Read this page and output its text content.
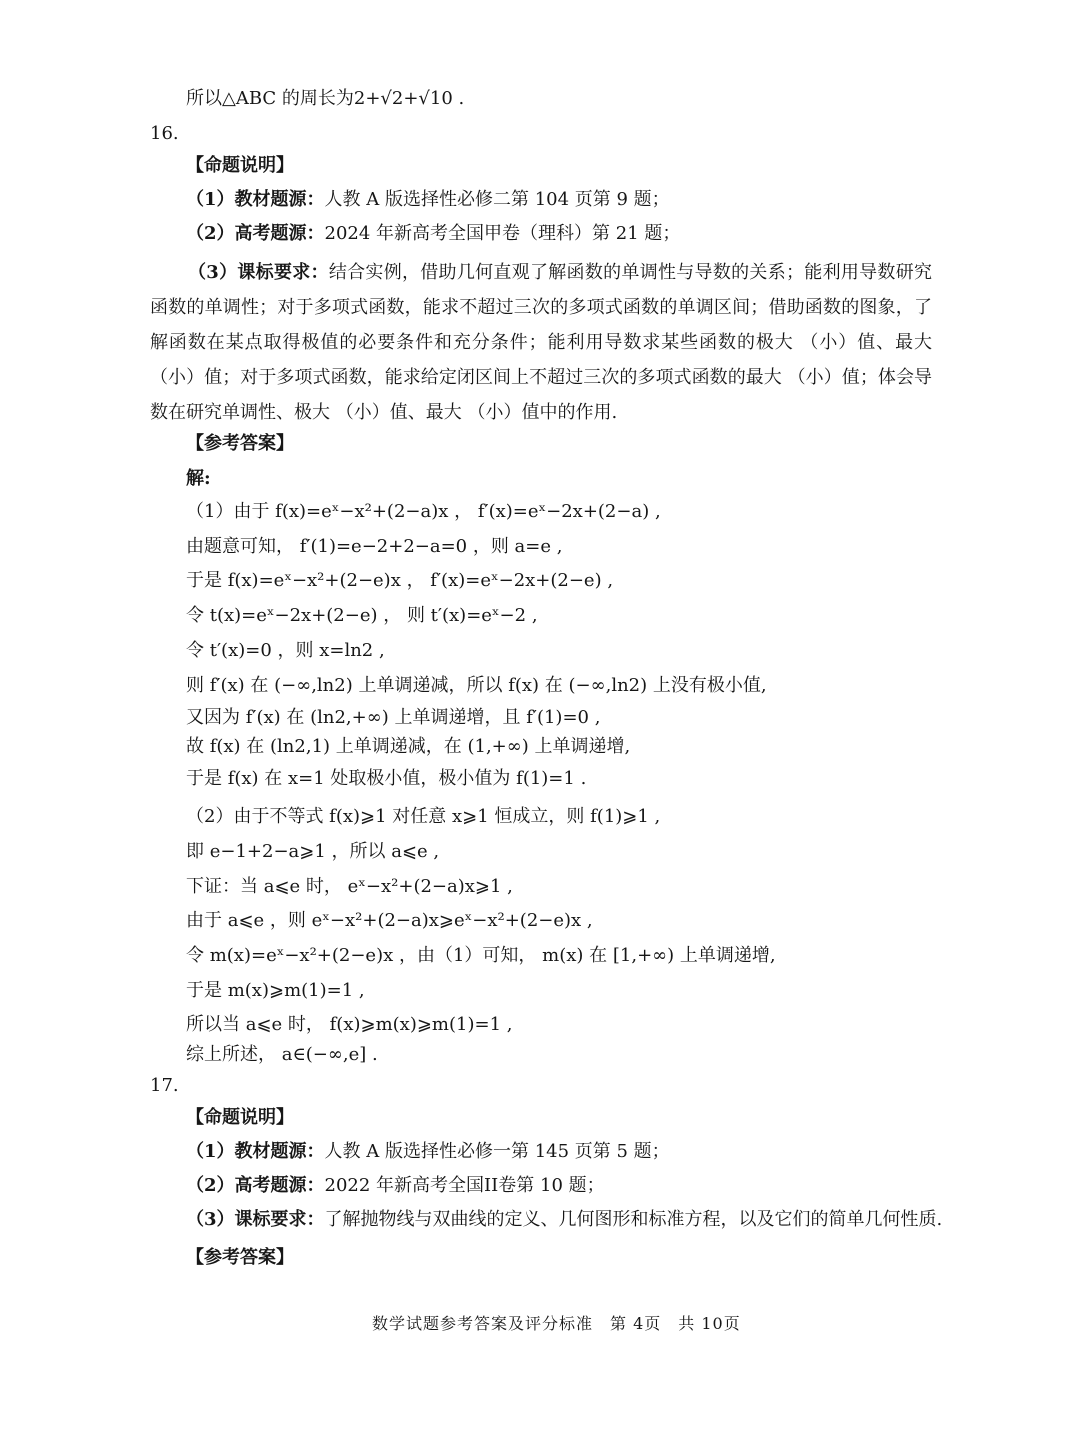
所以△ABC 的周长为2+√2+√10 .
16.
【命题说明】
（1）教材题源：人教 A 版选择性必修二第 104 页第 9 题；
（2）高考题源：2024 年新高考全国甲卷（理科）第 21 题；
（3）课标要求：结合实例，借助几何直观了解函数的单调性与导数的关系；能利用导数研究函数的单调性；对于多项式函数，能求不超过三次的多项式函数的单调区间；借助函数的图象，了解函数在某点取得极值的必要条件和充分条件；能利用导数求某些函数的极大 （小）值、最大（小）值；对于多项式函数，能求给定闭区间上不超过三次的多项式函数的最大 （小）值；体会导数在研究单调性、极大 （小）值、最大 （小）值中的作用.
【参考答案】
解:
（1）由于 f(x)=eˣ−x²+(2−a)x ， f′(x)=eˣ−2x+(2−a) ,
由题意可知， f′(1)=e−2+2−a=0 ，则 a=e ,
于是 f(x)=eˣ−x²+(2−e)x ， f′(x)=eˣ−2x+(2−e) ,
令 t(x)=eˣ−2x+(2−e) ， 则 t′(x)=eˣ−2 ,
令 t′(x)=0 ，则 x=ln2 ,
则 f′(x) 在 (−∞,ln2) 上单调递减，所以 f(x) 在 (−∞,ln2) 上没有极小值,
又因为 f′(x) 在 (ln2,+∞) 上单调递增，且 f′(1)=0 ,
故 f(x) 在 (ln2,1) 上单调递减，在 (1,+∞) 上单调递增,
于是 f(x) 在 x=1 处取极小值，极小值为 f(1)=1 .
（2）由于不等式 f(x)⩾1 对任意 x⩾1 恒成立，则 f(1)⩾1 ,
即 e−1+2−a⩾1 ，所以 a⩽e ,
下证：当 a⩽e 时， eˣ−x²+(2−a)x⩾1 ,
由于 a⩽e ，则 eˣ−x²+(2−a)x⩾eˣ−x²+(2−e)x ,
令 m(x)=eˣ−x²+(2−e)x ，由（1）可知， m(x) 在 [1,+∞) 上单调递增,
于是 m(x)⩾m(1)=1 ,
所以当 a⩽e 时， f(x)⩾m(x)⩾m(1)=1 ,
综上所述， a∈(−∞,e] .
17.
【命题说明】
（1）教材题源：人教 A 版选择性必修一第 145 页第 5 题；
（2）高考题源：2022 年新高考全国II卷第 10 题；
（3）课标要求：了解抛物线与双曲线的定义、几何图形和标准方程，以及它们的简单几何性质.
【参考答案】
数学试题参考答案及评分标准　第 4页　共 10页
